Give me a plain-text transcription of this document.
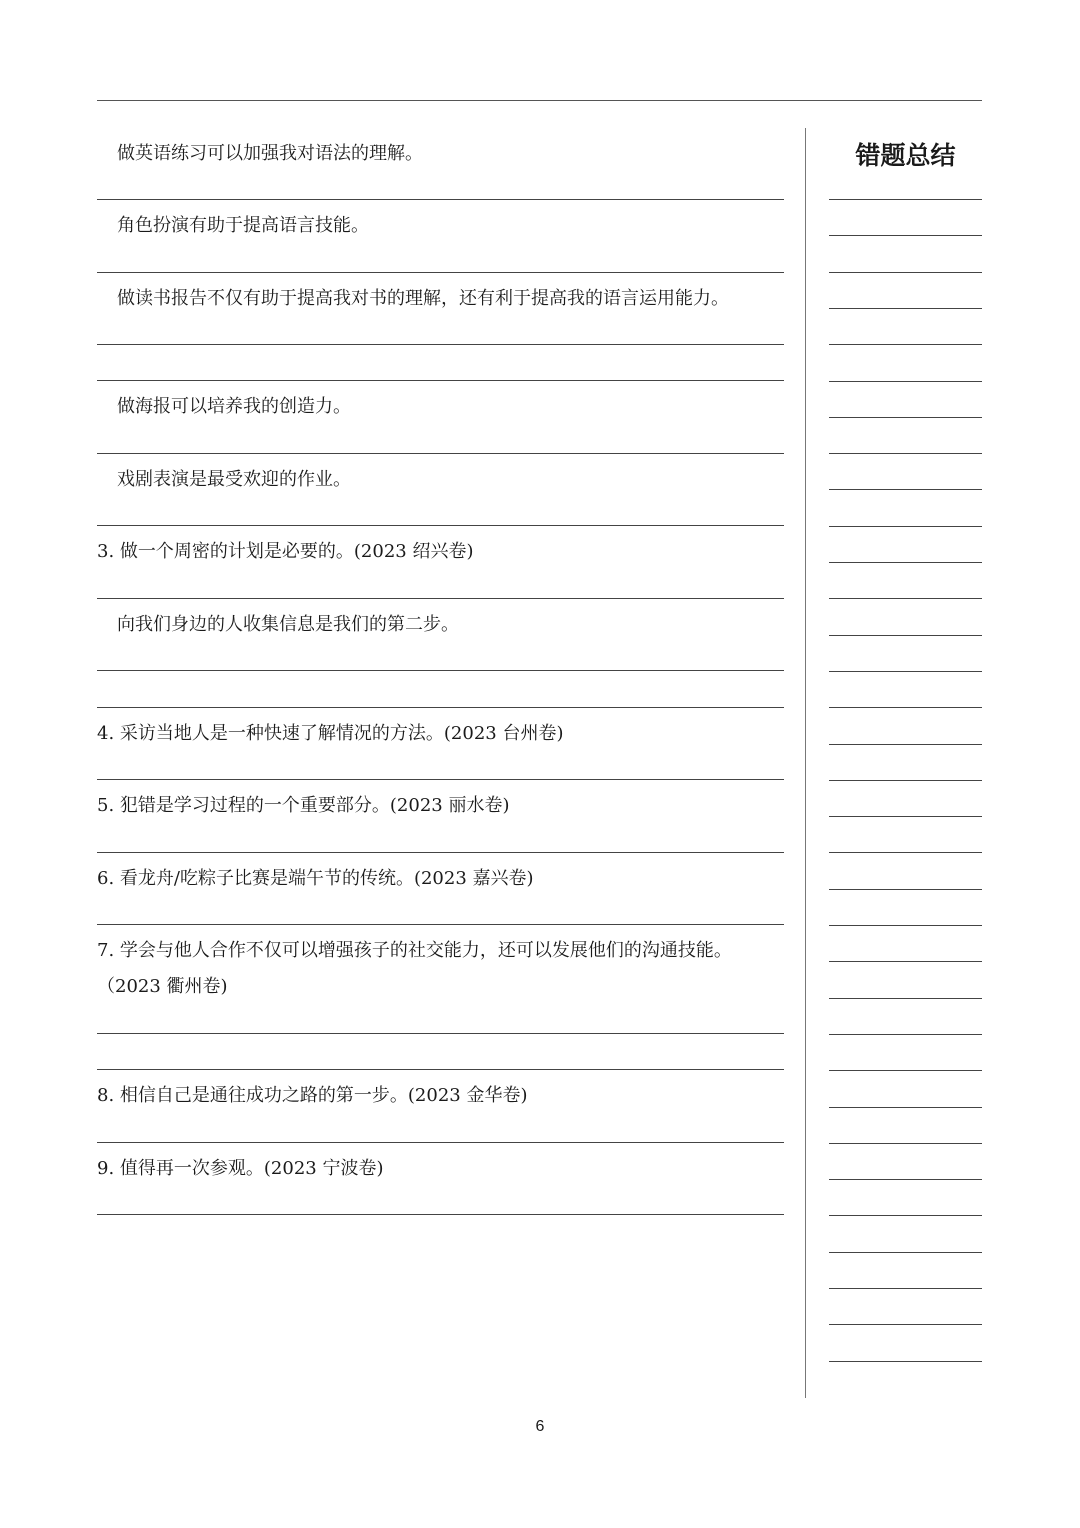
做英语练习可以加强我对语法的理解。
角色扮演有助于提高语言技能。
做读书报告不仅有助于提高我对书的理解，还有利于提高我的语言运用能力。
做海报可以培养我的创造力。
戏剧表演是最受欢迎的作业。
3. 做一个周密的计划是必要的。(2023 绍兴卷)
向我们身边的人收集信息是我们的第二步。
4. 采访当地人是一种快速了解情况的方法。(2023 台州卷)
5. 犯错是学习过程的一个重要部分。(2023 丽水卷)
6. 看龙舟/吃粽子比赛是端午节的传统。(2023 嘉兴卷)
7. 学会与他人合作不仅可以增强孩子的社交能力，还可以发展他们的沟通技能。
（2023 衢州卷)
8. 相信自己是通往成功之路的第一步。(2023 金华卷)
9. 值得再一次参观。(2023 宁波卷)
错题总结
6
